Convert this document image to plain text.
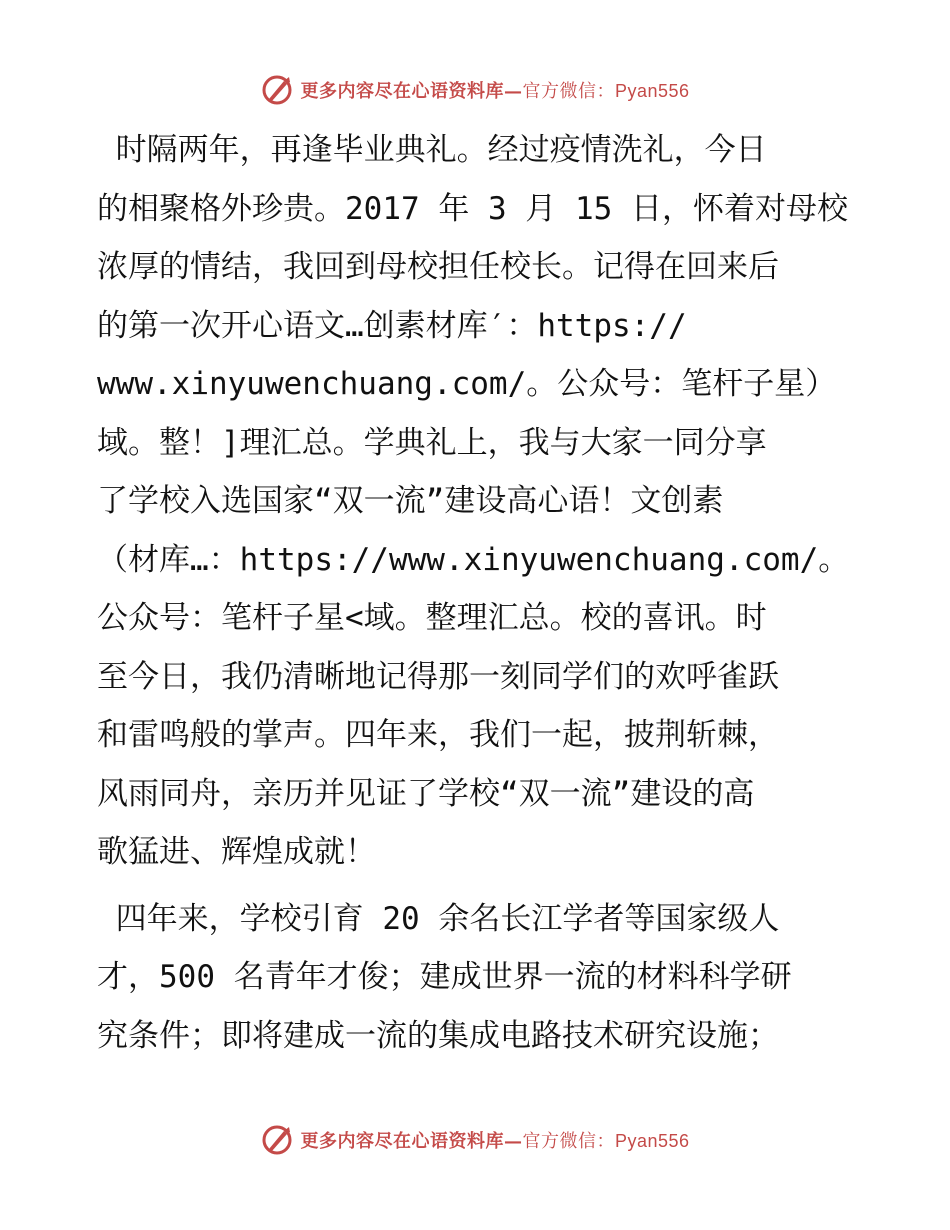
更多内容尽在心语资料库—官方微信：Pyan556
时隔两年，再逢毕业典礼。经过疫情洗礼，今日
的相聚格外珍贵。2017 年 3 月 15 日，怀着对母校
浓厚的情结，我回到母校担任校长。记得在回来后
的第一次开心语文…创素材库′：https://
www.xinyuwenchuang.com/。公众号：笔杆子星）
域。整！]理汇总。学典礼上，我与大家一同分享
了学校入选国家“双一流”建设高心语！文创素
（材库…：https://www.xinyuwenchuang.com/。
公众号：笔杆子星<域。整理汇总。校的喜讯。时
至今日，我仍清晰地记得那一刻同学们的欢呼雀跃
和雷鸣般的掌声。四年来，我们一起，披荆斩棘，
风雨同舟，亲历并见证了学校“双一流”建设的高
歌猛进、辉煌成就！
四年来，学校引育 20 余名长江学者等国家级人
才，500 名青年才俊；建成世界一流的材料科学研
究条件；即将建成一流的集成电路技术研究设施；
更多内容尽在心语资料库—官方微信：Pyan556
